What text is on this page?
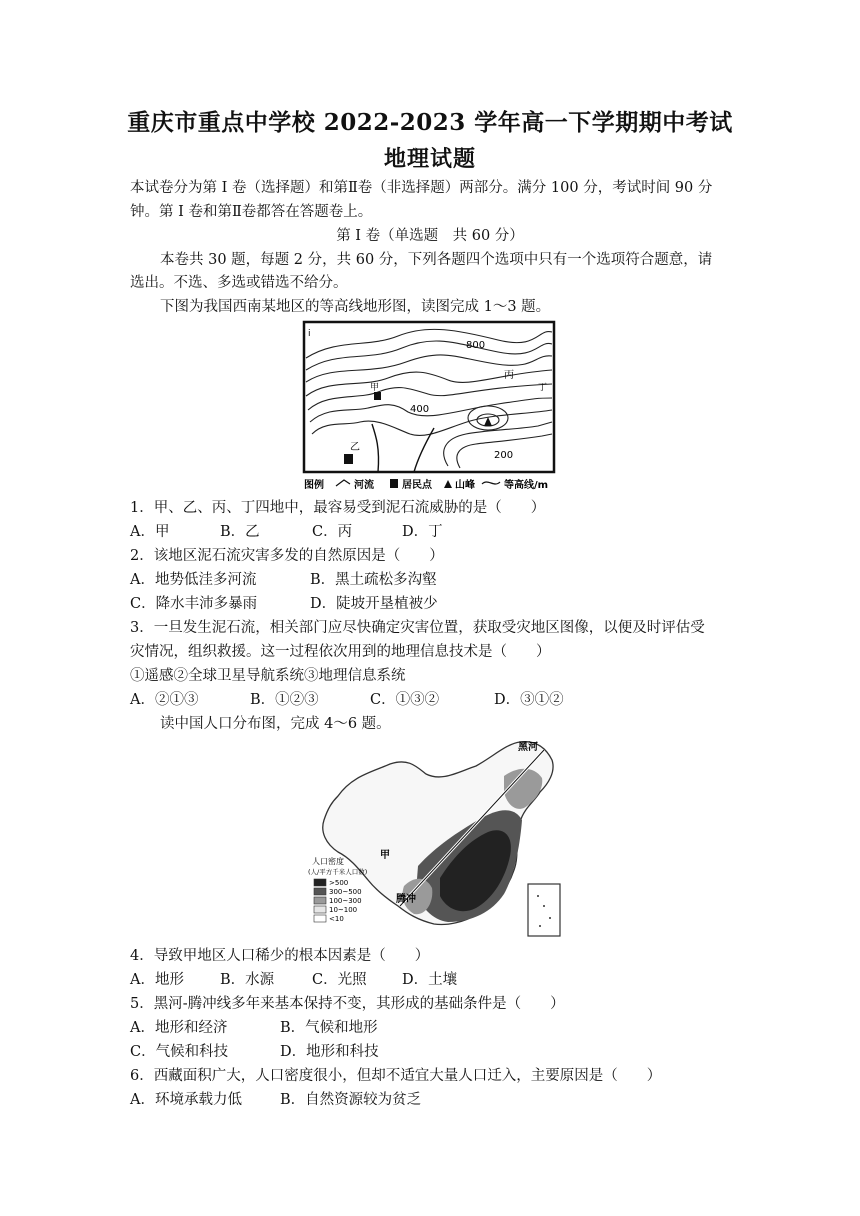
重庆市重点中学校 2022-2023 学年高一下学期期中考试
地理试题
本试卷分为第 I 卷（选择题）和第Ⅱ卷（非选择题）两部分。满分 100 分，考试时间 90 分
钟。第 I 卷和第Ⅱ卷都答在答题卷上。
第 I 卷（单选题　共 60 分）
本卷共 30 题，每题 2 分，共 60 分，下列各题四个选项中只有一个选项符合题意，请
选出。不选、多选或错选不给分。
下图为我国西南某地区的等高线地形图，读图完成 1～3 题。
i
800
400
200
甲
乙
丙
丁
图例	河流	居民点 山峰	等高线/m
1．甲、乙、丙、丁四地中，最容易受到泥石流威胁的是（　　）
A．甲	B．乙	C．丙	D．丁
2．该地区泥石流灾害多发的自然原因是（　　）
A．地势低洼多河流	B．黑土疏松多沟壑
C．降水丰沛多暴雨	D．陡坡开垦植被少
3．一旦发生泥石流，相关部门应尽快确定灾害位置，获取受灾地区图像，以便及时评估受
灾情况，组织救援。这一过程依次用到的地理信息技术是（　　）
①遥感②全球卫星导航系统③地理信息系统
A．②①③	B．①②③	C．①③②	D．③①②
读中国人口分布图，完成 4～6 题。
黑河
腾冲
甲
人口密度
(人/平方千米人口数)
>500
300~500
100~300
10~100
<10
4．导致甲地区人口稀少的根本因素是（　　）
A．地形 B．水源	C．光照 D．土壤
5．黑河-腾冲线多年来基本保持不变，其形成的基础条件是（　　）
A．地形和经济	B．气候和地形
C．气候和科技	D．地形和科技
6．西藏面积广大，人口密度很小，但却不适宜大量人口迁入，主要原因是（　　）
A．环境承载力低	B．自然资源较为贫乏
